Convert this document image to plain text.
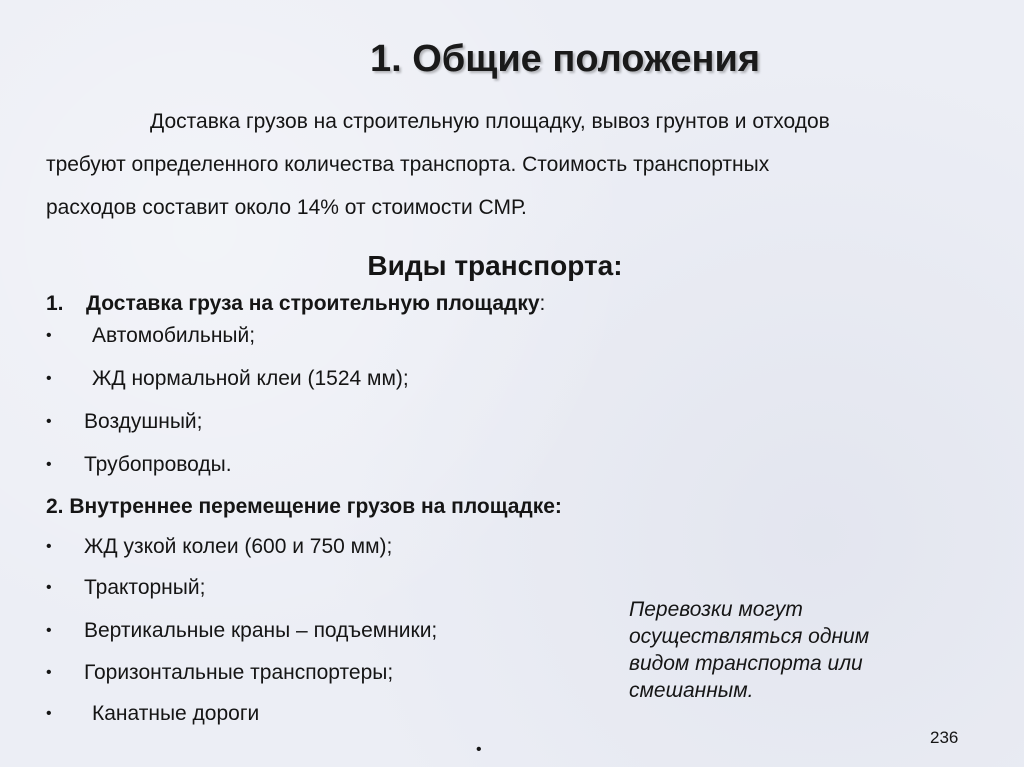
1. Общие положения
Доставка грузов на строительную площадку, вывоз грунтов и отходов
требуют определенного количества транспорта. Стоимость транспортных
расходов составит около 14% от стоимости СМР.
Виды транспорта:
1. Доставка груза на строительную площадку:
• Автомобильный;
• ЖД нормальной клеи (1524 мм);
• Воздушный;
• Трубопроводы.
2. Внутреннее перемещение грузов на площадке:
• ЖД узкой колеи (600 и 750 мм);
• Тракторный;
• Вертикальные краны – подъемники;
• Горизонтальные транспортеры;
• Канатные дороги
Перевозки могут
осуществляться одним
видом транспорта или
смешанным.
236
•
